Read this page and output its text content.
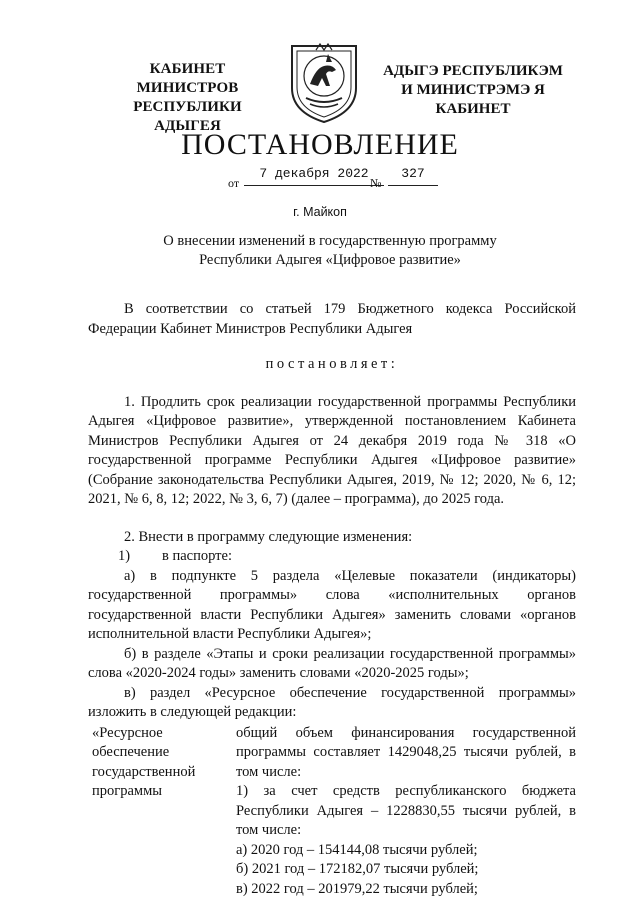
КАБИНЕТ МИНИСТРОВ
РЕСПУБЛИКИ АДЫГЕЯ
АДЫГЭ РЕСПУБЛИКЭМ
И МИНИСТРЭМЭ Я КАБИНЕТ
ПОСТАНОВЛЕНИЕ
от
7 декабря 2022
№
327
г. Майкоп
О внесении изменений в государственную программу
Республики Адыгея «Цифровое развитие»

В соответствии со статьей 179 Бюджетного кодекса Российской Федерации Кабинет Министров Республики Адыгея

постановляет:

1. Продлить срок реализации государственной программы Республики Адыгея «Цифровое развитие», утвержденной постановлением Кабинета Министров Республики Адыгея от 24 декабря 2019 года № 318 «О государственной программе Республики Адыгея «Цифровое развитие» (Собрание законодательства Республики Адыгея, 2019, № 12; 2020, № 6, 12; 2021, № 6, 8, 12; 2022, № 3, 6, 7) (далее – программа), до 2025 года.

2. Внести в программу следующие изменения:

1) в паспорте:

а) в подпункте 5 раздела «Целевые показатели (индикаторы) государственной программы» слова «исполнительных органов государственной власти Республики Адыгея» заменить словами «органов исполнительной власти Республики Адыгея»;

б) в разделе «Этапы и сроки реализации государственной программы» слова «2020-2024 годы» заменить словами «2020-2025 годы»;

в) раздел «Ресурсное обеспечение государственной программы» изложить в следующей редакции:

«Ресурсное обеспечение государственной программы

общий объем финансирования государственной программы составляет 1429048,25 тысячи рублей, в том числе:

1) за счет средств республиканского бюджета Республики Адыгея – 1228830,55 тысячи рублей, в том числе:

а) 2020 год – 154144,08 тысячи рублей;

б) 2021 год – 172182,07 тысячи рублей;

в) 2022 год – 201979,22 тысячи рублей;
